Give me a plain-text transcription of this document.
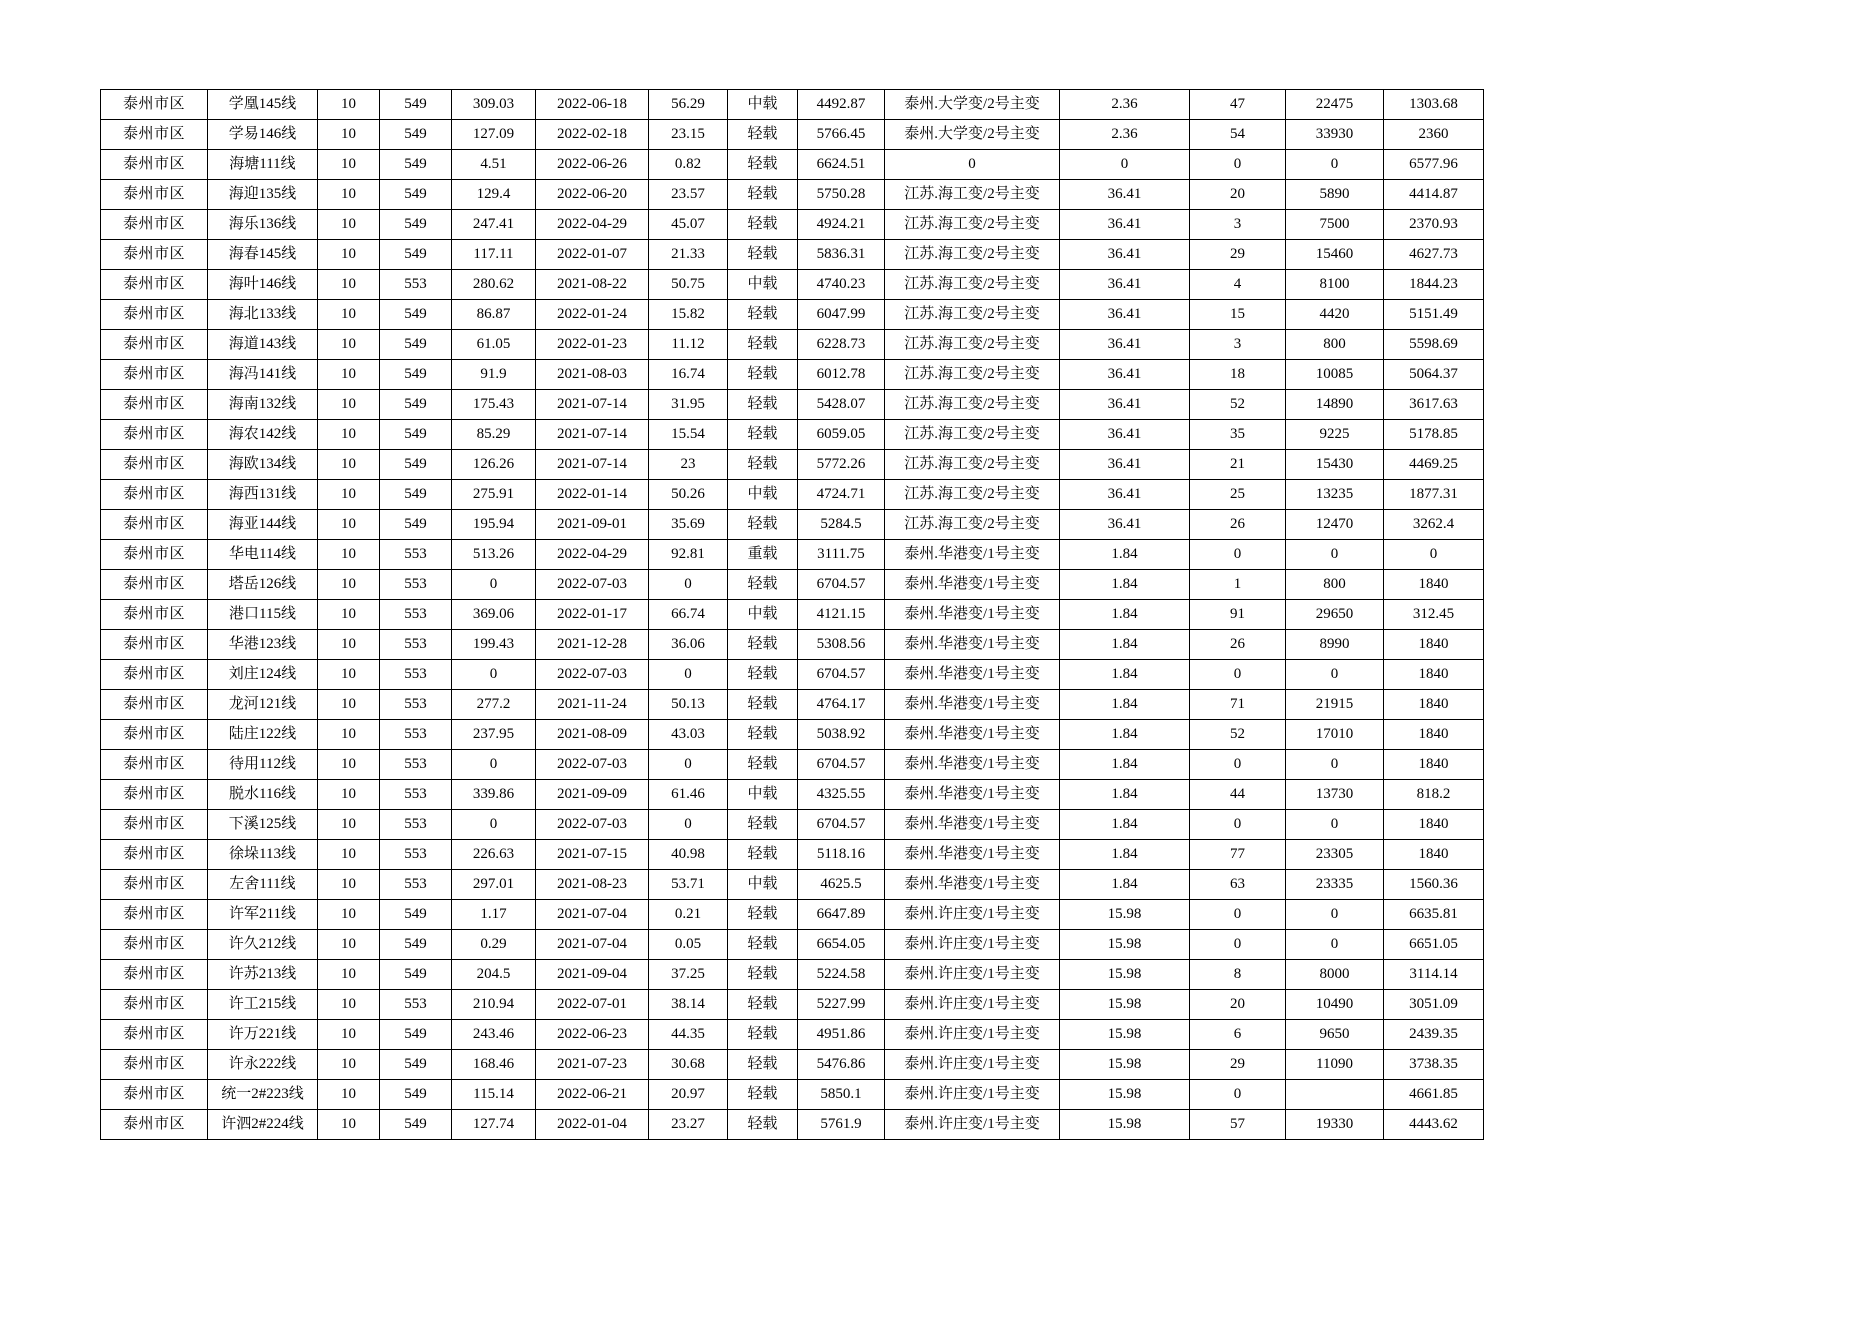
泰州市区	学凰145线	10	549	309.03	2022-06-18	56.29	中载	4492.87	泰州.大学变/2号主变	2.36	47	22475	1303.68
泰州市区	学易146线	10	549	127.09	2022-02-18	23.15	轻载	5766.45	泰州.大学变/2号主变	2.36	54	33930	2360
泰州市区	海塘111线	10	549	4.51	2022-06-26	0.82	轻载	6624.51	0	0	0	0	6577.96
泰州市区	海迎135线	10	549	129.4	2022-06-20	23.57	轻载	5750.28	江苏.海工变/2号主变	36.41	20	5890	4414.87
泰州市区	海乐136线	10	549	247.41	2022-04-29	45.07	轻载	4924.21	江苏.海工变/2号主变	36.41	3	7500	2370.93
泰州市区	海春145线	10	549	117.11	2022-01-07	21.33	轻载	5836.31	江苏.海工变/2号主变	36.41	29	15460	4627.73
泰州市区	海叶146线	10	553	280.62	2021-08-22	50.75	中载	4740.23	江苏.海工变/2号主变	36.41	4	8100	1844.23
泰州市区	海北133线	10	549	86.87	2022-01-24	15.82	轻载	6047.99	江苏.海工变/2号主变	36.41	15	4420	5151.49
泰州市区	海道143线	10	549	61.05	2022-01-23	11.12	轻载	6228.73	江苏.海工变/2号主变	36.41	3	800	5598.69
泰州市区	海冯141线	10	549	91.9	2021-08-03	16.74	轻载	6012.78	江苏.海工变/2号主变	36.41	18	10085	5064.37
泰州市区	海南132线	10	549	175.43	2021-07-14	31.95	轻载	5428.07	江苏.海工变/2号主变	36.41	52	14890	3617.63
泰州市区	海农142线	10	549	85.29	2021-07-14	15.54	轻载	6059.05	江苏.海工变/2号主变	36.41	35	9225	5178.85
泰州市区	海欧134线	10	549	126.26	2021-07-14	23	轻载	5772.26	江苏.海工变/2号主变	36.41	21	15430	4469.25
泰州市区	海西131线	10	549	275.91	2022-01-14	50.26	中载	4724.71	江苏.海工变/2号主变	36.41	25	13235	1877.31
泰州市区	海亚144线	10	549	195.94	2021-09-01	35.69	轻载	5284.5	江苏.海工变/2号主变	36.41	26	12470	3262.4
泰州市区	华电114线	10	553	513.26	2022-04-29	92.81	重载	3111.75	泰州.华港变/1号主变	1.84	0	0	0
泰州市区	塔岳126线	10	553	0	2022-07-03	0	轻载	6704.57	泰州.华港变/1号主变	1.84	1	800	1840
泰州市区	港口115线	10	553	369.06	2022-01-17	66.74	中载	4121.15	泰州.华港变/1号主变	1.84	91	29650	312.45
泰州市区	华港123线	10	553	199.43	2021-12-28	36.06	轻载	5308.56	泰州.华港变/1号主变	1.84	26	8990	1840
泰州市区	刘庄124线	10	553	0	2022-07-03	0	轻载	6704.57	泰州.华港变/1号主变	1.84	0	0	1840
泰州市区	龙河121线	10	553	277.2	2021-11-24	50.13	轻载	4764.17	泰州.华港变/1号主变	1.84	71	21915	1840
泰州市区	陆庄122线	10	553	237.95	2021-08-09	43.03	轻载	5038.92	泰州.华港变/1号主变	1.84	52	17010	1840
泰州市区	待用112线	10	553	0	2022-07-03	0	轻载	6704.57	泰州.华港变/1号主变	1.84	0	0	1840
泰州市区	脱水116线	10	553	339.86	2021-09-09	61.46	中载	4325.55	泰州.华港变/1号主变	1.84	44	13730	818.2
泰州市区	下溪125线	10	553	0	2022-07-03	0	轻载	6704.57	泰州.华港变/1号主变	1.84	0	0	1840
泰州市区	徐垛113线	10	553	226.63	2021-07-15	40.98	轻载	5118.16	泰州.华港变/1号主变	1.84	77	23305	1840
泰州市区	左舍111线	10	553	297.01	2021-08-23	53.71	中载	4625.5	泰州.华港变/1号主变	1.84	63	23335	1560.36
泰州市区	许军211线	10	549	1.17	2021-07-04	0.21	轻载	6647.89	泰州.许庄变/1号主变	15.98	0	0	6635.81
泰州市区	许久212线	10	549	0.29	2021-07-04	0.05	轻载	6654.05	泰州.许庄变/1号主变	15.98	0	0	6651.05
泰州市区	许苏213线	10	549	204.5	2021-09-04	37.25	轻载	5224.58	泰州.许庄变/1号主变	15.98	8	8000	3114.14
泰州市区	许工215线	10	553	210.94	2022-07-01	38.14	轻载	5227.99	泰州.许庄变/1号主变	15.98	20	10490	3051.09
泰州市区	许万221线	10	549	243.46	2022-06-23	44.35	轻载	4951.86	泰州.许庄变/1号主变	15.98	6	9650	2439.35
泰州市区	许永222线	10	549	168.46	2021-07-23	30.68	轻载	5476.86	泰州.许庄变/1号主变	15.98	29	11090	3738.35
泰州市区	统一2#223线	10	549	115.14	2022-06-21	20.97	轻载	5850.1	泰州.许庄变/1号主变	15.98	0		4661.85
泰州市区	许泗2#224线	10	549	127.74	2022-01-04	23.27	轻载	5761.9	泰州.许庄变/1号主变	15.98	57	19330	4443.62
